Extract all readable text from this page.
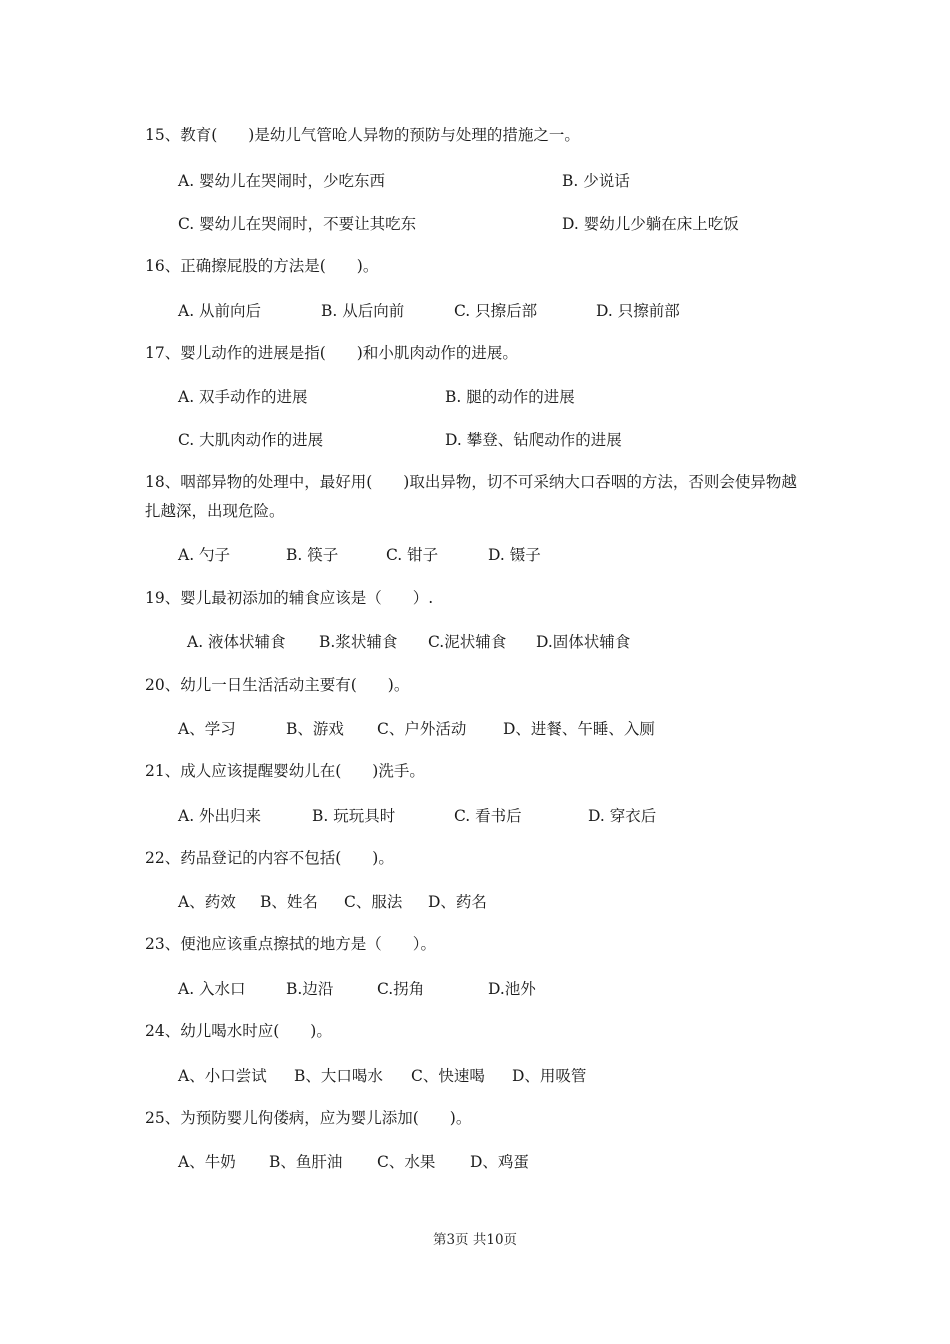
15、教育(　　)是幼儿气管呛人异物的预防与处理的措施之一。
A. 婴幼儿在哭闹时，少吃东西	B. 少说话
C. 婴幼儿在哭闹时，不要让其吃东	D. 婴幼儿少躺在床上吃饭
16、正确擦屁股的方法是(　　)。
A. 从前向后	B. 从后向前	C. 只擦后部	D. 只擦前部
17、婴儿动作的进展是指(　　)和小肌肉动作的进展。
A. 双手动作的进展	B. 腿的动作的进展
C. 大肌肉动作的进展	D. 攀登、钻爬动作的进展
18、咽部异物的处理中，最好用(　　)取出异物，切不可采纳大口吞咽的方法，否则会使异物越扎越深，出现危险。
A. 勺子	B. 筷子	C. 钳子	D. 镊子
19、婴儿最初添加的辅食应该是（　　）.
A. 液体状辅食 B.浆状辅食 C.泥状辅食 D.固体状辅食
20、幼儿一日生活活动主要有(　　)。
A、学习	B、游戏 C、户外活动 D、进餐、午睡、入厕
21、成人应该提醒婴幼儿在(　　)洗手。
A. 外出归来	B. 玩玩具时	C. 看书后	D. 穿衣后
22、药品登记的内容不包括(　　)。
A、药效 B、姓名 C、服法 D、药名
23、便池应该重点擦拭的地方是（　　）。
A. 入水口	B.边沿	C.拐角	D.池外
24、幼儿喝水时应(　　)。
A、小口尝试 B、大口喝水 C、快速喝 D、用吸管
25、为预防婴儿佝偻病，应为婴儿添加(　　)。
A、牛奶 B、鱼肝油 C、水果 D、鸡蛋
第3页 共10页
